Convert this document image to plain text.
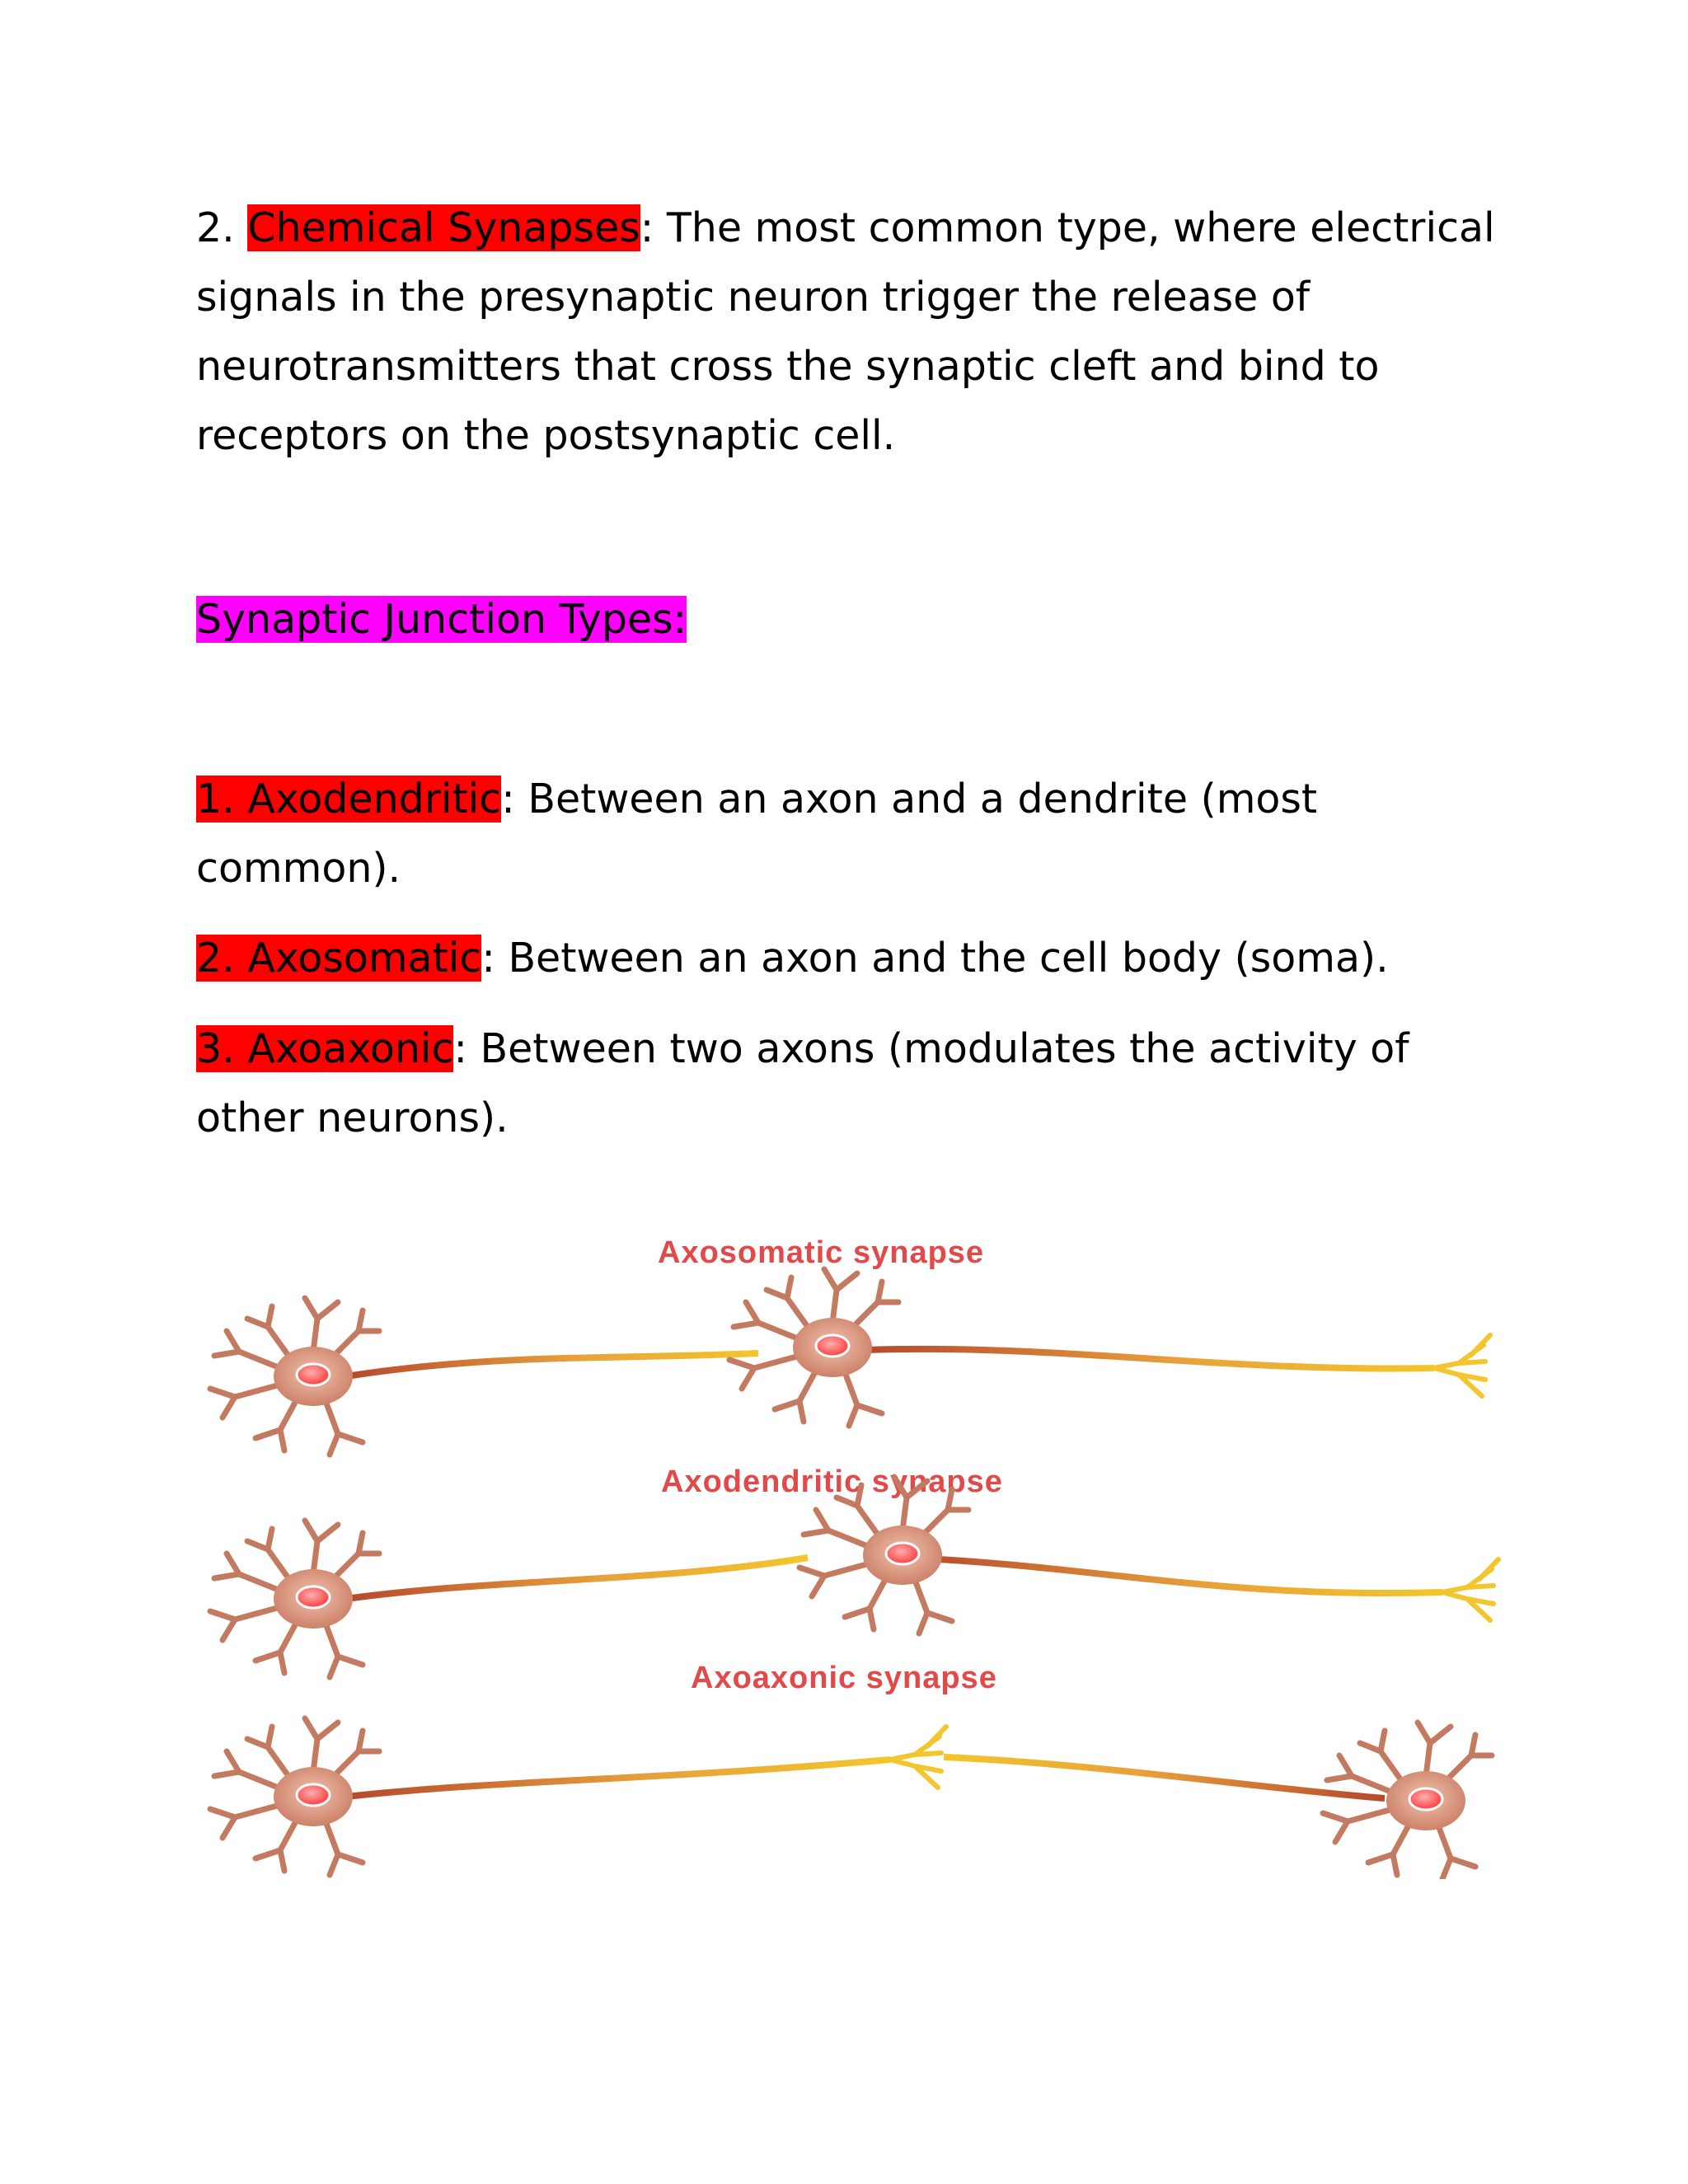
2. Chemical Synapses: The most common type, where electrical signals in the presynaptic neuron trigger the release of neurotransmitters that cross the synaptic cleft and bind to receptors on the postsynaptic cell.
Synaptic Junction Types:
1. Axodendritic: Between an axon and a dendrite (most common).
2. Axosomatic: Between an axon and the cell body (soma).
3. Axoaxonic: Between two axons (modulates the activity of other neurons).
Axosomatic synapse
Axodendritic synapse
Axoaxonic synapse
